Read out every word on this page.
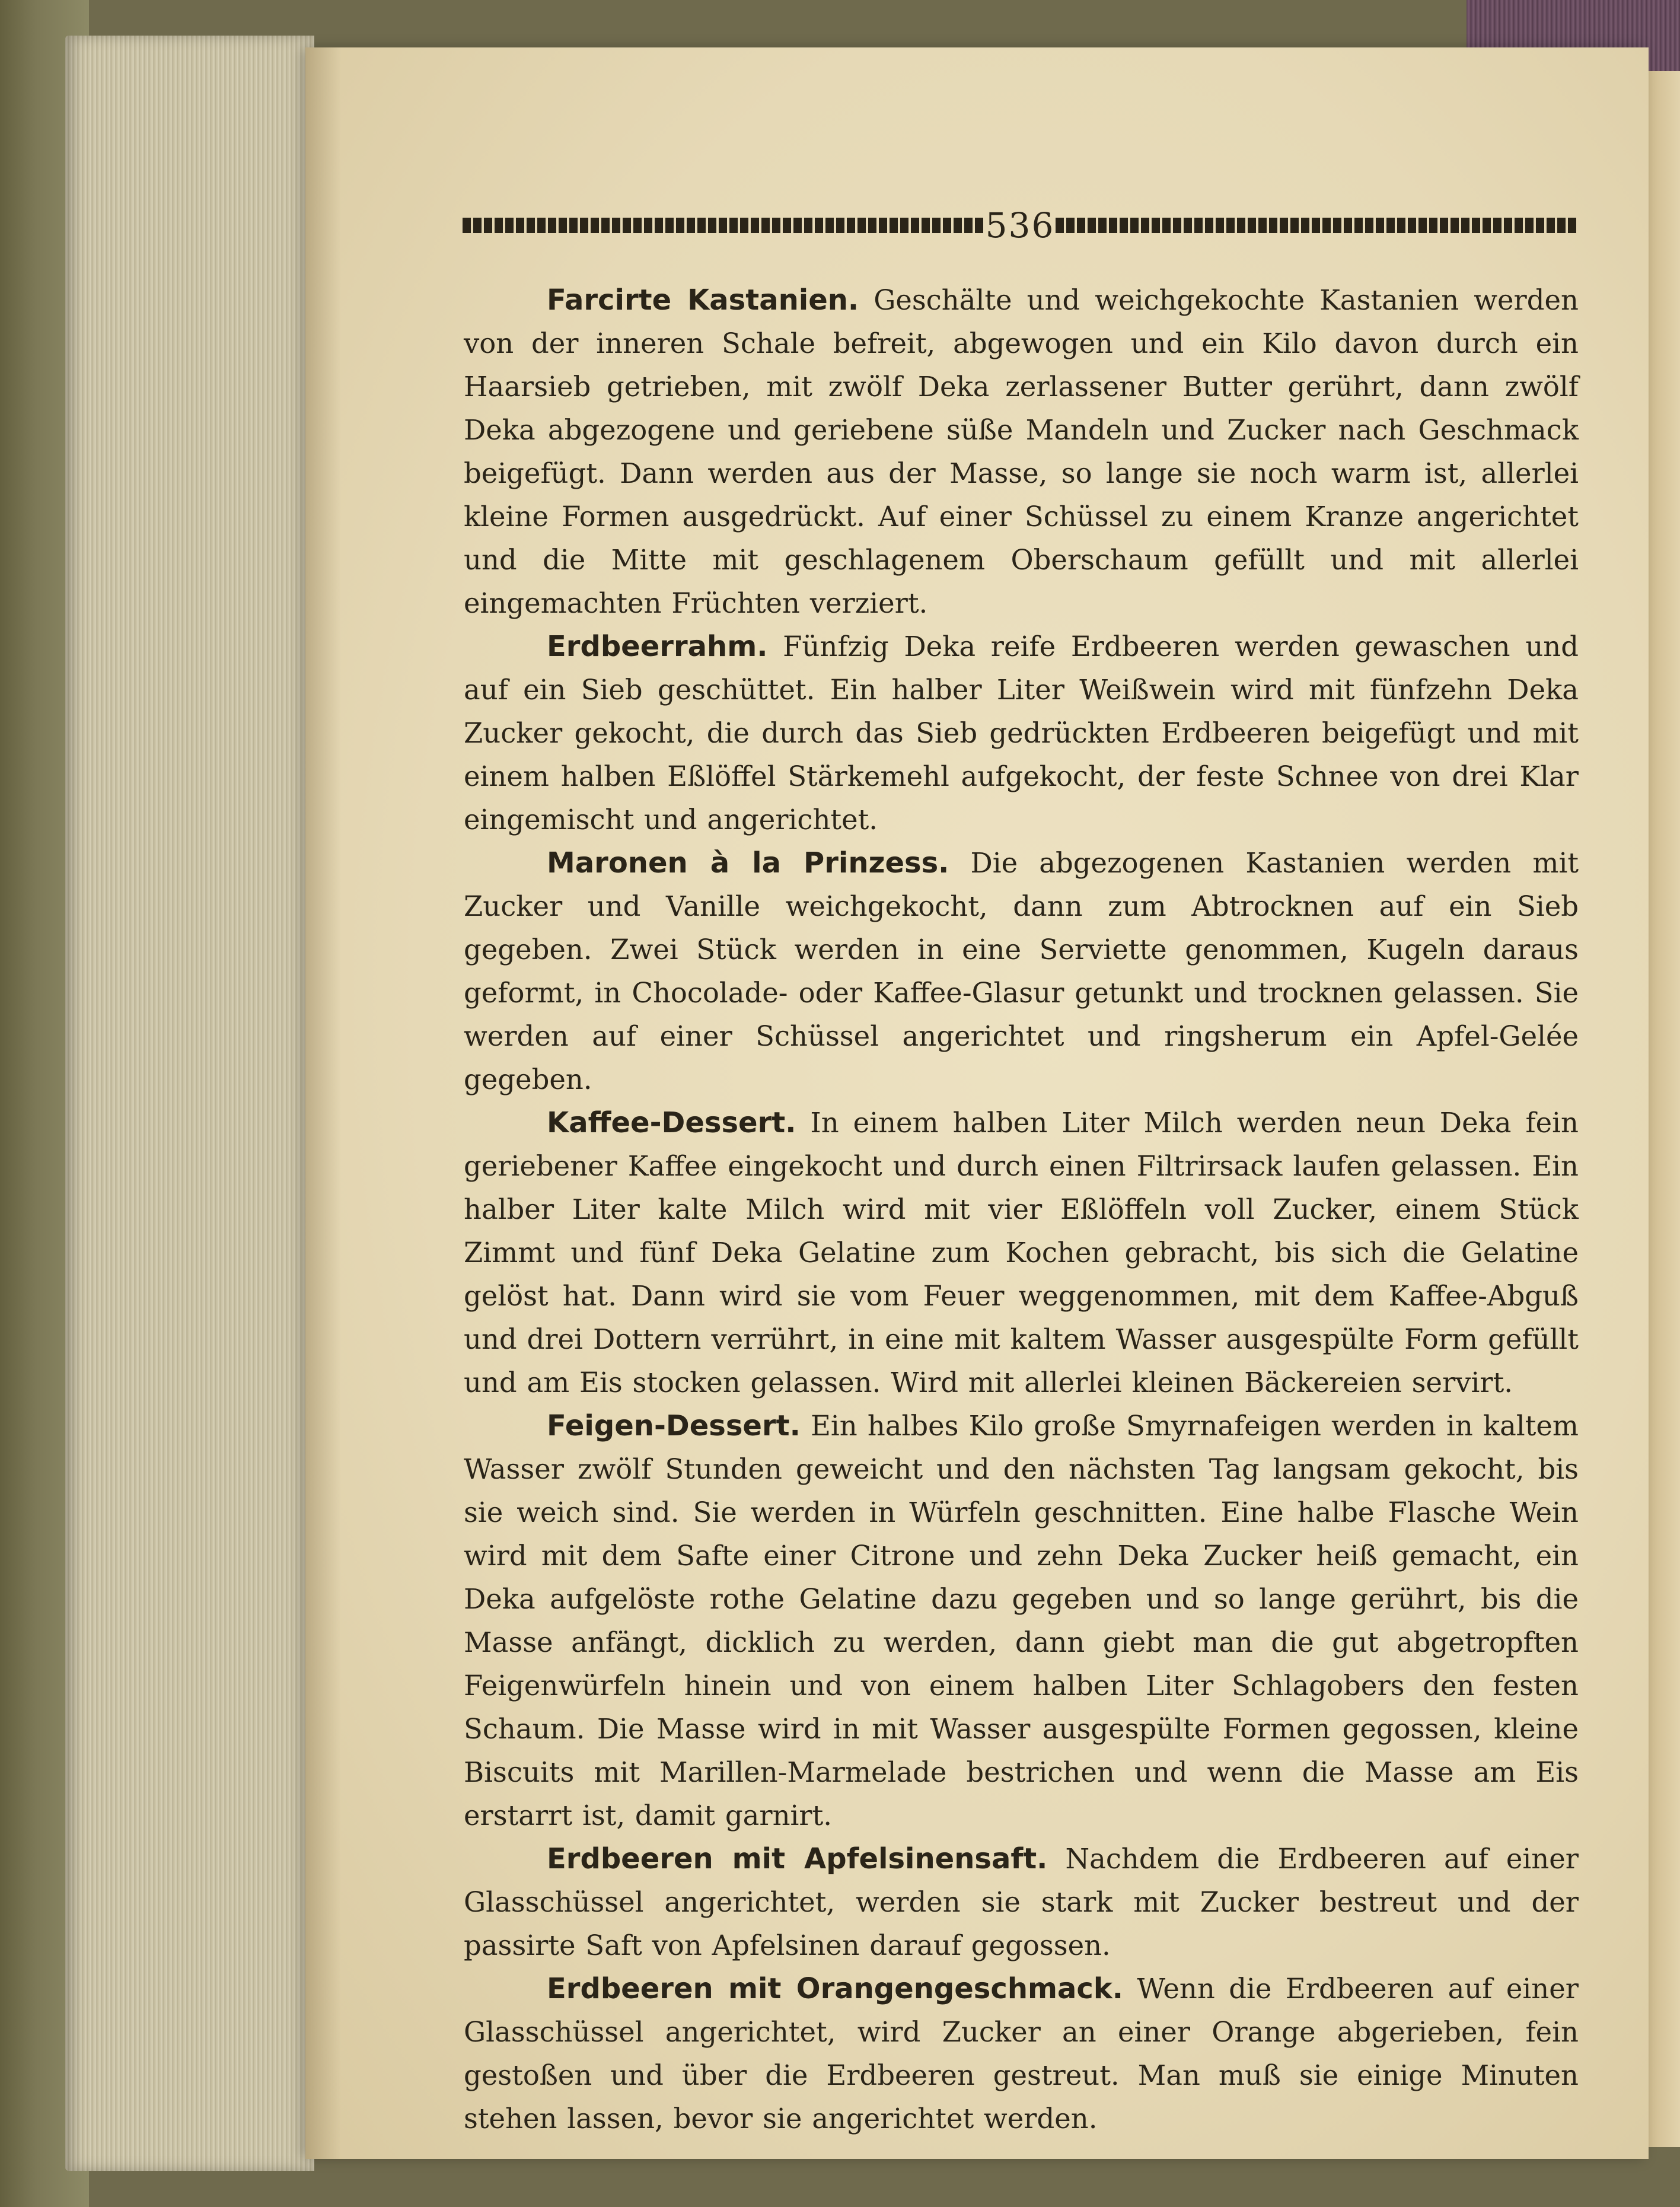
536

Farcirte Kastanien. Geschälte und weichgekochte Kastanien werden von der inneren Schale befreit, abgewogen und ein Kilo davon durch ein Haarsieb getrieben, mit zwölf Deka zerlassener Butter gerührt, dann zwölf Deka abgezogene und geriebene süße Mandeln und Zucker nach Geschmack beigefügt. Dann werden aus der Masse, so lange sie noch warm ist, allerlei kleine Formen ausgedrückt. Auf einer Schüssel zu einem Kranze angerichtet und die Mitte mit geschlagenem Oberschaum gefüllt und mit allerlei eingemachten Früchten verziert.

Erdbeerrahm. Fünfzig Deka reife Erdbeeren werden gewaschen und auf ein Sieb geschüttet. Ein halber Liter Weißwein wird mit fünfzehn Deka Zucker gekocht, die durch das Sieb gedrückten Erdbeeren beigefügt und mit einem halben Eßlöffel Stärkemehl aufgekocht, der feste Schnee von drei Klar eingemischt und angerichtet.

Maronen à la Prinzess. Die abgezogenen Kastanien werden mit Zucker und Vanille weichgekocht, dann zum Abtrocknen auf ein Sieb gegeben. Zwei Stück werden in eine Serviette genommen, Kugeln daraus geformt, in Chocolade- oder Kaffee-Glasur getunkt und trocknen gelassen. Sie werden auf einer Schüssel angerichtet und ringsherum ein Apfel-Gelée gegeben.

Kaffee-Dessert. In einem halben Liter Milch werden neun Deka fein geriebener Kaffee eingekocht und durch einen Filtrirsack laufen gelassen. Ein halber Liter kalte Milch wird mit vier Eßlöffeln voll Zucker, einem Stück Zimmt und fünf Deka Gelatine zum Kochen gebracht, bis sich die Gelatine gelöst hat. Dann wird sie vom Feuer weggenommen, mit dem Kaffee-Abguß und drei Dottern verrührt, in eine mit kaltem Wasser ausgespülte Form gefüllt und am Eis stocken gelassen. Wird mit allerlei kleinen Bäckereien servirt.

Feigen-Dessert. Ein halbes Kilo große Smyrnafeigen werden in kaltem Wasser zwölf Stunden geweicht und den nächsten Tag langsam gekocht, bis sie weich sind. Sie werden in Würfeln geschnitten. Eine halbe Flasche Wein wird mit dem Safte einer Citrone und zehn Deka Zucker heiß gemacht, ein Deka aufgelöste rothe Gelatine dazu gegeben und so lange gerührt, bis die Masse anfängt, dicklich zu werden, dann giebt man die gut abgetropften Feigenwürfeln hinein und von einem halben Liter Schlagobers den festen Schaum. Die Masse wird in mit Wasser ausgespülte Formen gegossen, kleine Biscuits mit Marillen-Marmelade bestrichen und wenn die Masse am Eis erstarrt ist, damit garnirt.

Erdbeeren mit Apfelsinensaft. Nachdem die Erdbeeren auf einer Glasschüssel angerichtet, werden sie stark mit Zucker bestreut und der passirte Saft von Apfelsinen darauf gegossen.

Erdbeeren mit Orangengeschmack. Wenn die Erdbeeren auf einer Glasschüssel angerichtet, wird Zucker an einer Orange abgerieben, fein gestoßen und über die Erdbeeren gestreut. Man muß sie einige Minuten stehen lassen, bevor sie angerichtet werden.
